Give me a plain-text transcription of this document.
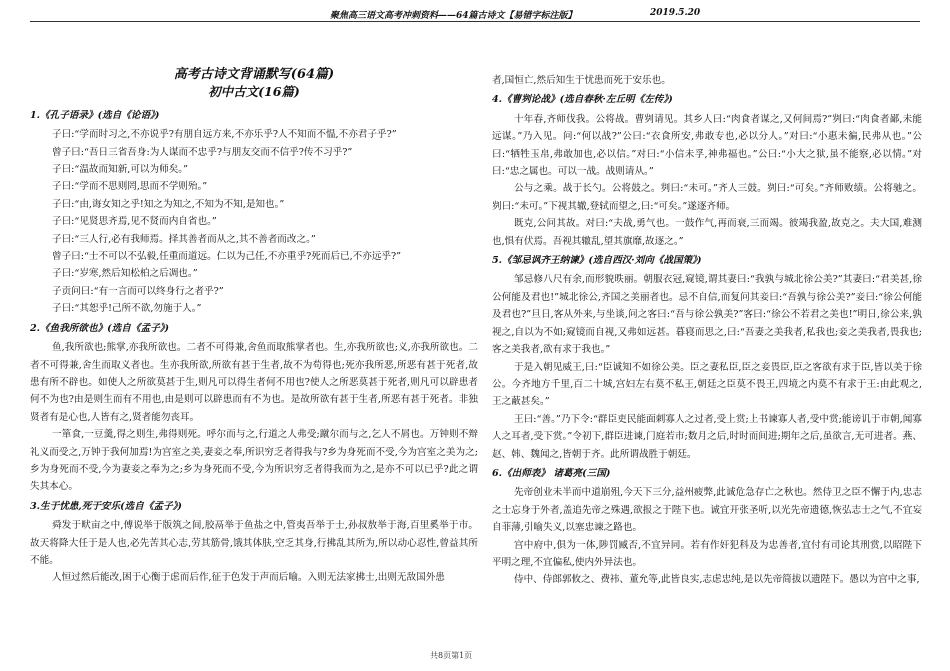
聚焦高三语文高考冲刺资料——64篇古诗文【易错字标注版】	2019.5.20
高考古诗文背诵默写(64篇)
初中古文(16篇)
1.《孔子语录》(选自《论语》)

子曰:“学而时习之,不亦说乎?有朋自远方来,不亦乐乎?人不知而不愠,不亦君子乎?”

曾子曰:“吾日三省吾身:为人谋而不忠乎?与朋友交而不信乎?传不习乎?”

子曰:“温故而知新,可以为师矣。”

子曰:“学而不思则罔,思而不学则殆。”

子曰:“由,诲女知之乎!知之为知之,不知为不知,是知也。”

子曰:“见贤思齐焉,见不贤而内自省也。”

子曰:“三人行,必有我师焉。择其善者而从之,其不善者而改之。”

曾子曰:“士不可以不弘毅,任重而道远。仁以为己任,不亦重乎?死而后已,不亦远乎?”

子曰:“岁寒,然后知松柏之后凋也。”

子贡问曰:“有一言而可以终身行之者乎?”

子曰:“其恕乎!己所不欲,勿施于人。”

2.《鱼我所欲也》(选自《孟子》)

鱼,我所欲也;熊掌,亦我所欲也。二者不可得兼,舍鱼而取熊掌者也。生,亦我所欲也;义,亦我所欲也。二者不可得兼,舍生而取义者也。生亦我所欲,所欲有甚于生者,故不为苟得也;死亦我所恶,所恶有甚于死者,故患有所不辟也。如使人之所欲莫甚于生,则凡可以得生者何不用也?使人之所恶莫甚于死者,则凡可以辟患者何不为也?由是则生而有不用也,由是则可以辟患而有不为也。是故所欲有甚于生者,所恶有甚于死者。非独贤者有是心也,人皆有之,贤者能勿丧耳。

一箪食,一豆羹,得之则生,弗得则死。呼尔而与之,行道之人弗受;蹴尔而与之,乞人不屑也。万钟则不辩礼义而受之,万钟于我何加焉!为宫室之美,妻妾之奉,所识穷乏者得我与?乡为身死而不受,今为宫室之美为之;乡为身死而不受,今为妻妾之奉为之;乡为身死而不受,今为所识穷乏者得我而为之,是亦不可以已乎?此之谓失其本心。

3.生于忧患,死于安乐(选自《孟子》)

舜发于畎亩之中,傅说举于版筑之间,胶鬲举于鱼盐之中,管夷吾举于士,孙叔敖举于海,百里奚举于市。故天将降大任于是人也,必先苦其心志,劳其筋骨,饿其体肤,空乏其身,行拂乱其所为,所以动心忍性,曾益其所不能。

人恒过然后能改,困于心衡于虑而后作,征于色发于声而后喻。入则无法家拂士,出则无敌国外患

者,国恒亡,然后知生于忧患而死于安乐也。

4.《曹刿论战》(选自春秋·左丘明《左传》)

十年春,齐师伐我。公将战。曹刿请见。其乡人曰:“肉食者谋之,又何间焉?”刿曰:“肉食者鄙,未能远谋。”乃入见。问:“何以战?”公曰:“衣食所安,弗敢专也,必以分人。”对曰:“小惠未徧,民弗从也。”公曰:“牺牲玉帛,弗敢加也,必以信。”对曰:“小信未孚,神弗福也。”公曰:“小大之狱,虽不能察,必以情。”对曰:“忠之属也。可以一战。战则请从。”

公与之乘。战于长勺。公将鼓之。刿曰:“未可。”齐人三鼓。刿曰:“可矣。”齐师败绩。公将驰之。刿曰:“未可。”下视其辙,登轼而望之,曰:“可矣。”遂逐齐师。

既克,公问其故。对曰:“夫战,勇气也。一鼓作气,再而衰,三而竭。彼竭我盈,故克之。夫大国,难测也,惧有伏焉。吾视其辙乱,望其旗靡,故逐之。”

5.《邹忌讽齐王纳谏》(选自西汉·刘向《战国策》)

邹忌修八尺有余,而形貌昳丽。朝服衣冠,窥镜,谓其妻曰:“我孰与城北徐公美?”其妻曰:“君美甚,徐公何能及君也!”城北徐公,齐国之美丽者也。忌不自信,而复问其妾曰:“吾孰与徐公美?”妾曰:“徐公何能及君也?”旦日,客从外来,与坐谈,问之客曰:“吾与徐公孰美?”客曰:“徐公不若君之美也!”明日,徐公来,孰视之,自以为不如;窥镜而自视,又弗如远甚。暮寝而思之,曰:“吾妻之美我者,私我也;妾之美我者,畏我也;客之美我者,欲有求于我也。”

于是入朝见威王,曰:“臣诚知不如徐公美。臣之妻私臣,臣之妾畏臣,臣之客欲有求于臣,皆以美于徐公。今齐地方千里,百二十城,宫妇左右莫不私王,朝廷之臣莫不畏王,四境之内莫不有求于王:由此观之,王之蔽甚矣。”

王曰:“善。”乃下令:“群臣吏民能面刺寡人之过者,受上赏;上书谏寡人者,受中赏;能谤讥于市朝,闻寡人之耳者,受下赏。”令初下,群臣进谏,门庭若市;数月之后,时时而间进;期年之后,虽欲言,无可进者。燕、赵、韩、魏闻之,皆朝于齐。此所谓战胜于朝廷。

6.《出师表》 诸葛亮(三国)

先帝创业未半而中道崩殂,今天下三分,益州疲弊,此诚危急存亡之秋也。然侍卫之臣不懈于内,忠志之士忘身于外者,盖追先帝之殊遇,欲报之于陛下也。诚宜开张圣听,以光先帝遗德,恢弘志士之气,不宜妄自菲薄,引喻失义,以塞忠谏之路也。

宫中府中,俱为一体,陟罚臧否,不宜异同。若有作奸犯科及为忠善者,宜付有司论其刑赏,以昭陛下平明之理,不宜偏私,使内外异法也。

侍中、侍郎郭攸之、费祎、董允等,此皆良实,志虑忠纯,是以先帝简拔以遗陛下。愚以为宫中之事,

共8页第1页
